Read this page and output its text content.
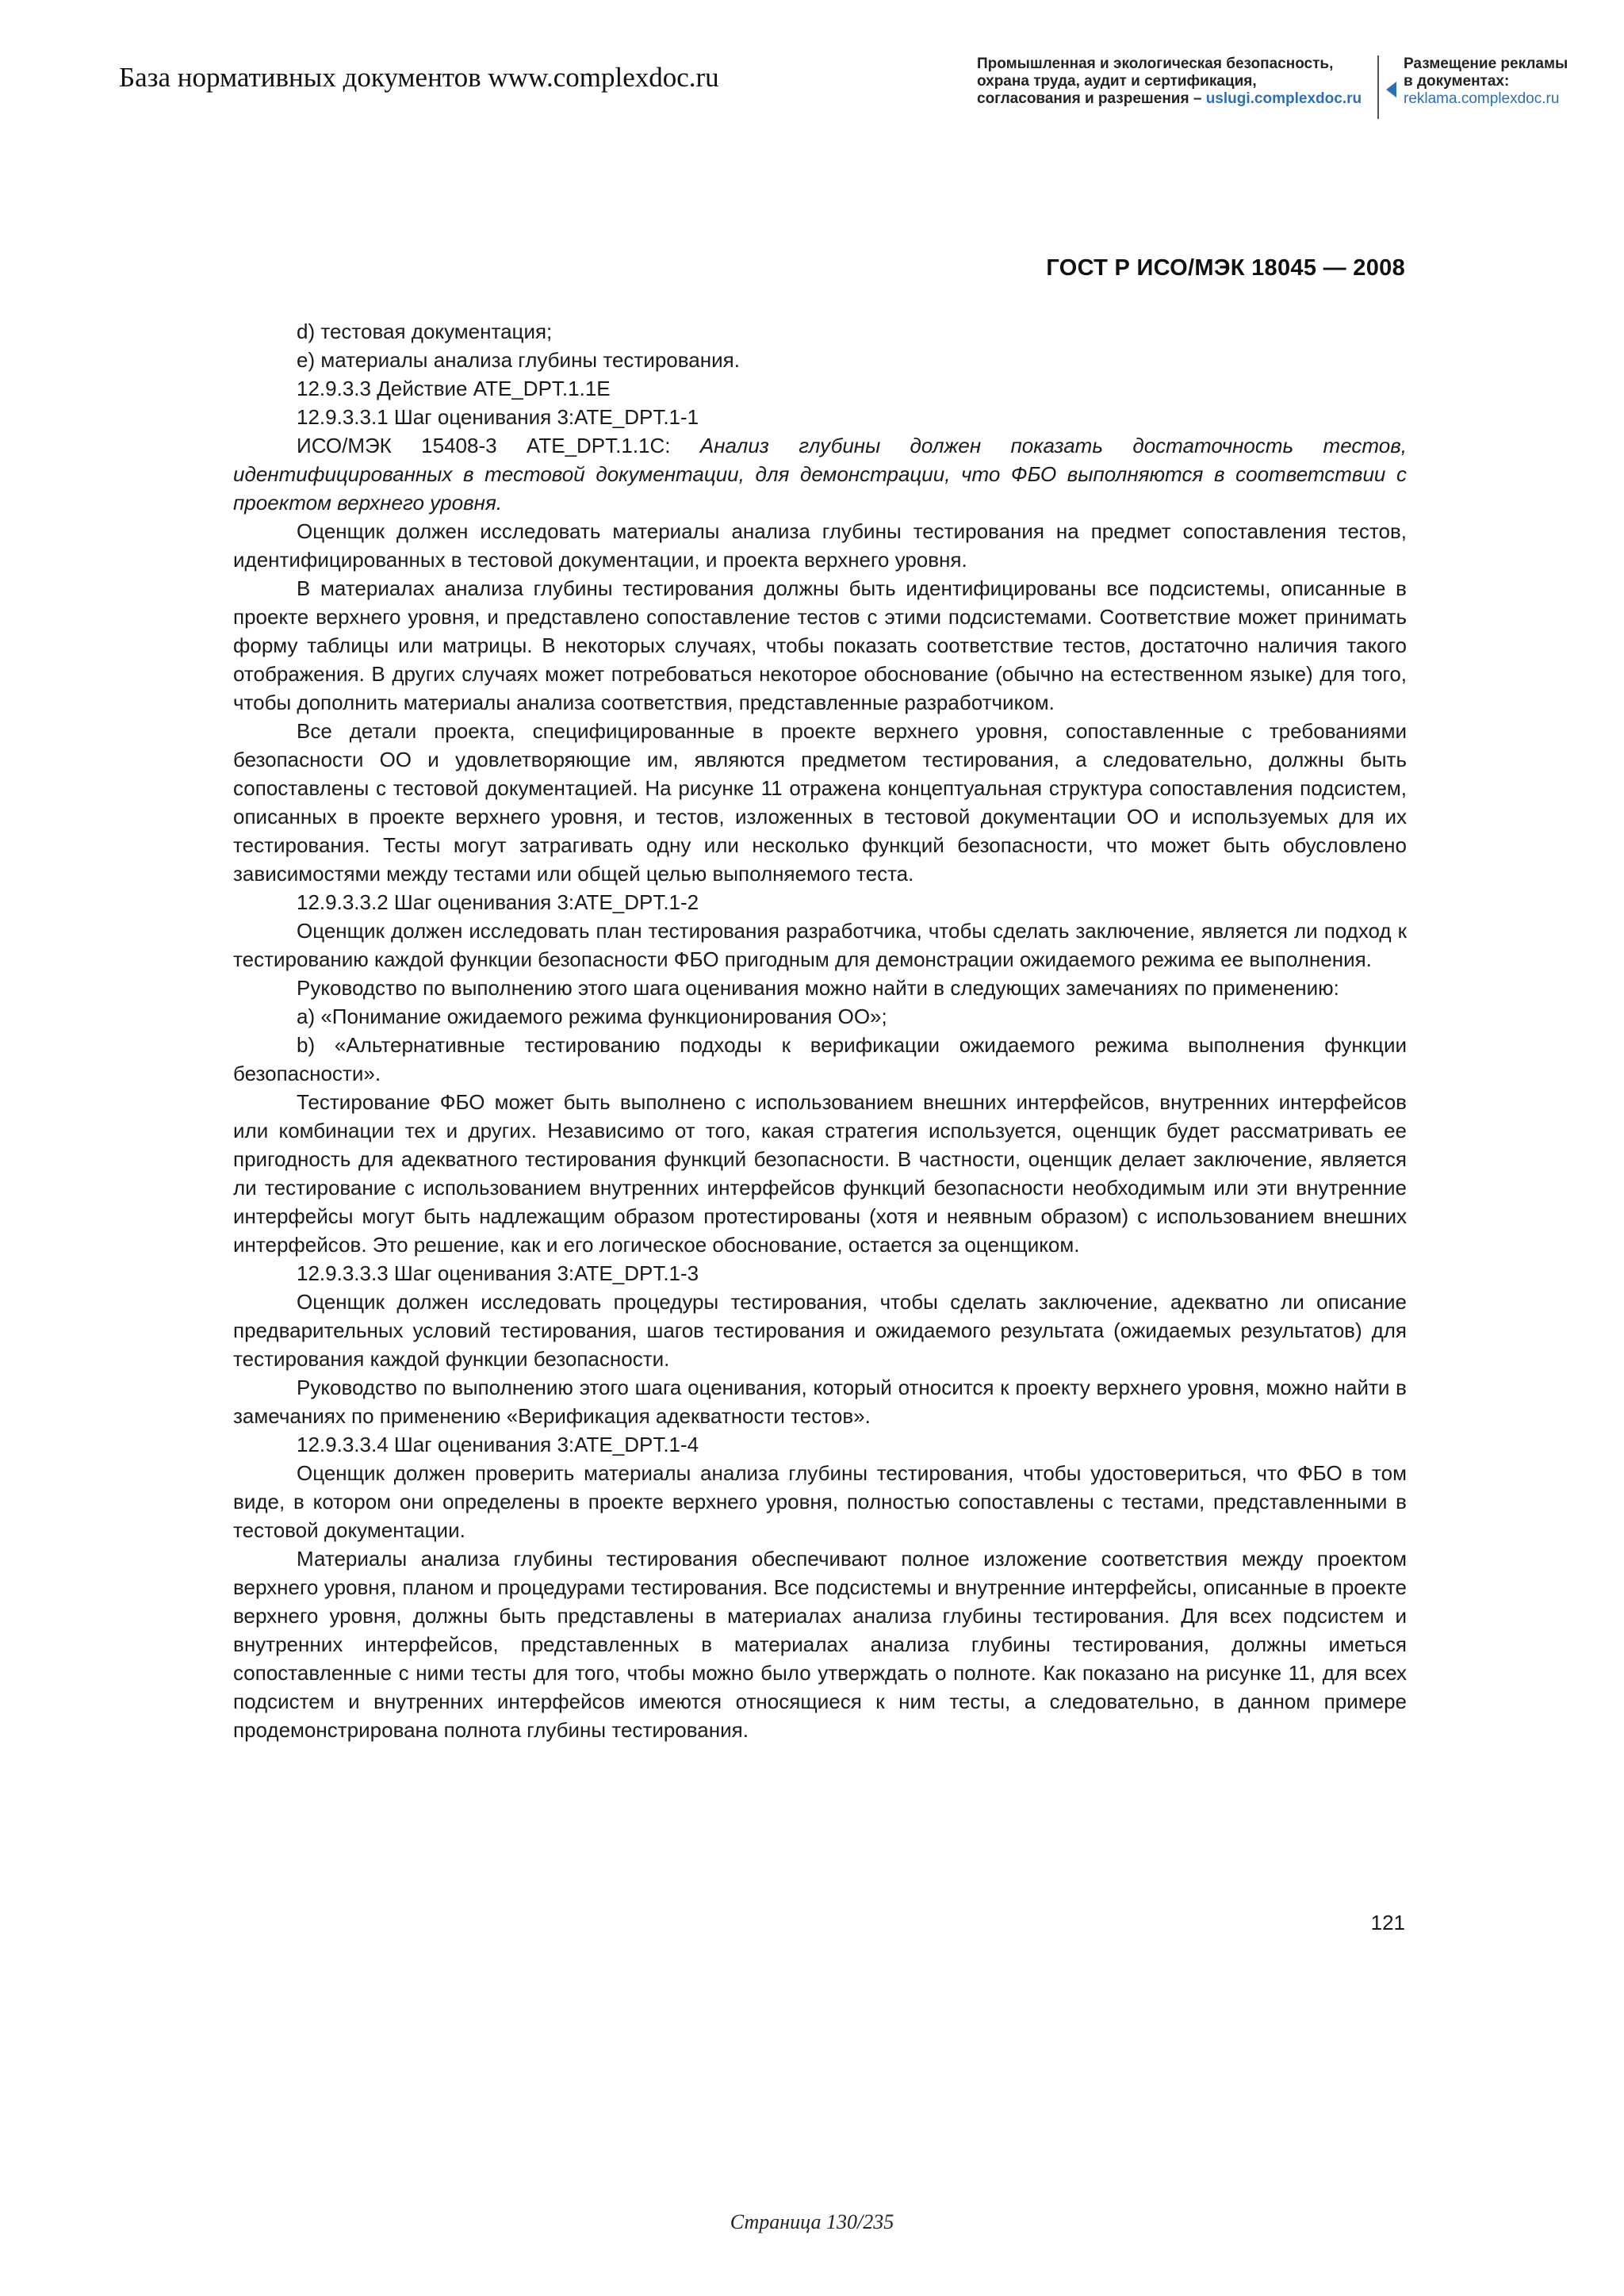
База нормативных документов www.complexdoc.ru	Промышленная и экологическая безопасность,
охрана труда, аудит и сертификация,
согласования и разрешения – uslugi.complexdoc.ru
Размещение рекламы
в документах:
reklama.complexdoc.ru
ГОСТ Р ИСО/МЭК 18045 — 2008

d) тестовая документация;

e) материалы анализа глубины тестирования.

12.9.3.3 Действие ATE_DPT.1.1E

12.9.3.3.1 Шаг оценивания 3:ATE_DPT.1-1

ИСО/МЭК 15408-3 ATE_DPT.1.1C: Анализ глубины должен показать достаточность тестов, идентифицированных в тестовой документации, для демонстрации, что ФБО выполняются в соответствии с проектом верхнего уровня.

Оценщик должен исследовать материалы анализа глубины тестирования на предмет сопоставления тестов, идентифицированных в тестовой документации, и проекта верхнего уровня.

В материалах анализа глубины тестирования должны быть идентифицированы все подсистемы, описанные в проекте верхнего уровня, и представлено сопоставление тестов с этими подсистемами. Соответствие может принимать форму таблицы или матрицы. В некоторых случаях, чтобы показать соответствие тестов, достаточно наличия такого отображения. В других случаях может потребоваться некоторое обоснование (обычно на естественном языке) для того, чтобы дополнить материалы анализа соответствия, представленные разработчиком.

Все детали проекта, специфицированные в проекте верхнего уровня, сопоставленные с требованиями безопасности ОО и удовлетворяющие им, являются предметом тестирования, а следовательно, должны быть сопоставлены с тестовой документацией. На рисунке 11 отражена концептуальная структура сопоставления подсистем, описанных в проекте верхнего уровня, и тестов, изложенных в тестовой документации ОО и используемых для их тестирования. Тесты могут затрагивать одну или несколько функций безопасности, что может быть обусловлено зависимостями между тестами или общей целью выполняемого теста.

12.9.3.3.2 Шаг оценивания 3:ATE_DPT.1-2

Оценщик должен исследовать план тестирования разработчика, чтобы сделать заключение, является ли подход к тестированию каждой функции безопасности ФБО пригодным для демонстрации ожидаемого режима ее выполнения.

Руководство по выполнению этого шага оценивания можно найти в следующих замечаниях по применению:

a) «Понимание ожидаемого режима функционирования ОО»;

b) «Альтернативные тестированию подходы к верификации ожидаемого режима выполнения функции безопасности».

Тестирование ФБО может быть выполнено с использованием внешних интерфейсов, внутренних интерфейсов или комбинации тех и других. Независимо от того, какая стратегия используется, оценщик будет рассматривать ее пригодность для адекватного тестирования функций безопасности. В частности, оценщик делает заключение, является ли тестирование с использованием внутренних интерфейсов функций безопасности необходимым или эти внутренние интерфейсы могут быть надлежащим образом протестированы (хотя и неявным образом) с использованием внешних интерфейсов. Это решение, как и его логическое обоснование, остается за оценщиком.

12.9.3.3.3 Шаг оценивания 3:ATE_DPT.1-3

Оценщик должен исследовать процедуры тестирования, чтобы сделать заключение, адекватно ли описание предварительных условий тестирования, шагов тестирования и ожидаемого результата (ожидаемых результатов) для тестирования каждой функции безопасности.

Руководство по выполнению этого шага оценивания, который относится к проекту верхнего уровня, можно найти в замечаниях по применению «Верификация адекватности тестов».

12.9.3.3.4 Шаг оценивания 3:ATE_DPT.1-4

Оценщик должен проверить материалы анализа глубины тестирования, чтобы удостовериться, что ФБО в том виде, в котором они определены в проекте верхнего уровня, полностью сопоставлены с тестами, представленными в тестовой документации.

Материалы анализа глубины тестирования обеспечивают полное изложение соответствия между проектом верхнего уровня, планом и процедурами тестирования. Все подсистемы и внутренние интерфейсы, описанные в проекте верхнего уровня, должны быть представлены в материалах анализа глубины тестирования. Для всех подсистем и внутренних интерфейсов, представленных в материалах анализа глубины тестирования, должны иметься сопоставленные с ними тесты для того, чтобы можно было утверждать о полноте. Как показано на рисунке 11, для всех подсистем и внутренних интерфейсов имеются относящиеся к ним тесты, а следовательно, в данном примере продемонстрирована полнота глубины тестирования.

121
Страница 130/235
